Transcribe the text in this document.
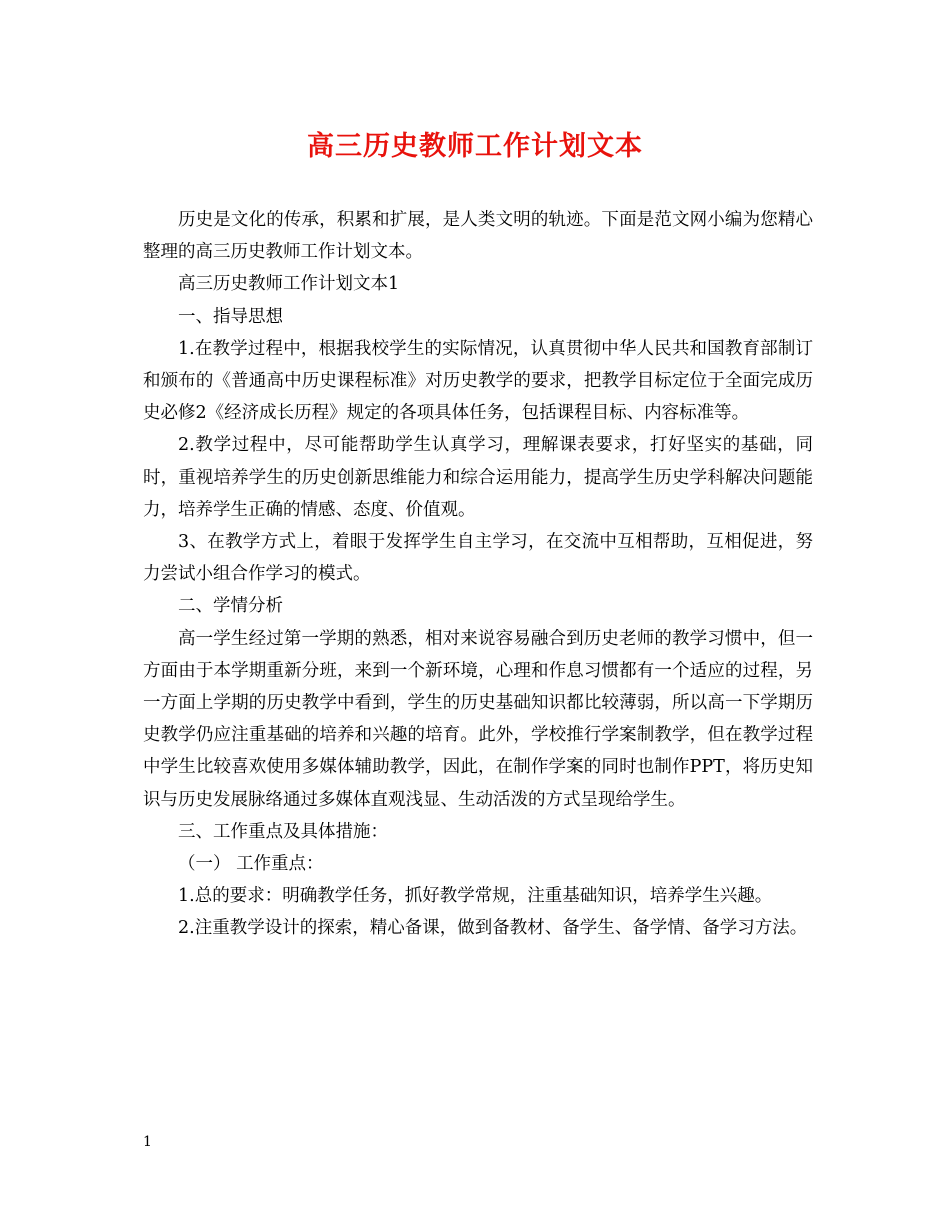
高三历史教师工作计划文本

历史是文化的传承，积累和扩展，是人类文明的轨迹。下面是范文网小编为您精心整理的高三历史教师工作计划文本。

高三历史教师工作计划文本1

一、指导思想

1.在教学过程中，根据我校学生的实际情况，认真贯彻中华人民共和国教育部制订和颁布的《普通高中历史课程标准》对历史教学的要求，把教学目标定位于全面完成历史必修2《经济成长历程》规定的各项具体任务，包括课程目标、内容标准等。

2.教学过程中，尽可能帮助学生认真学习，理解课表要求，打好坚实的基础，同时，重视培养学生的历史创新思维能力和综合运用能力，提高学生历史学科解决问题能力，培养学生正确的情感、态度、价值观。

3、在教学方式上，着眼于发挥学生自主学习，在交流中互相帮助，互相促进，努力尝试小组合作学习的模式。

二、学情分析

高一学生经过第一学期的熟悉，相对来说容易融合到历史老师的教学习惯中，但一方面由于本学期重新分班，来到一个新环境，心理和作息习惯都有一个适应的过程，另一方面上学期的历史教学中看到，学生的历史基础知识都比较薄弱，所以高一下学期历史教学仍应注重基础的培养和兴趣的培育。此外，学校推行学案制教学，但在教学过程中学生比较喜欢使用多媒体辅助教学，因此，在制作学案的同时也制作PPT，将历史知识与历史发展脉络通过多媒体直观浅显、生动活泼的方式呈现给学生。

三、工作重点及具体措施：

（一） 工作重点：

1.总的要求：明确教学任务，抓好教学常规，注重基础知识，培养学生兴趣。

2.注重教学设计的探索，精心备课，做到备教材、备学生、备学情、备学习方法。

1
